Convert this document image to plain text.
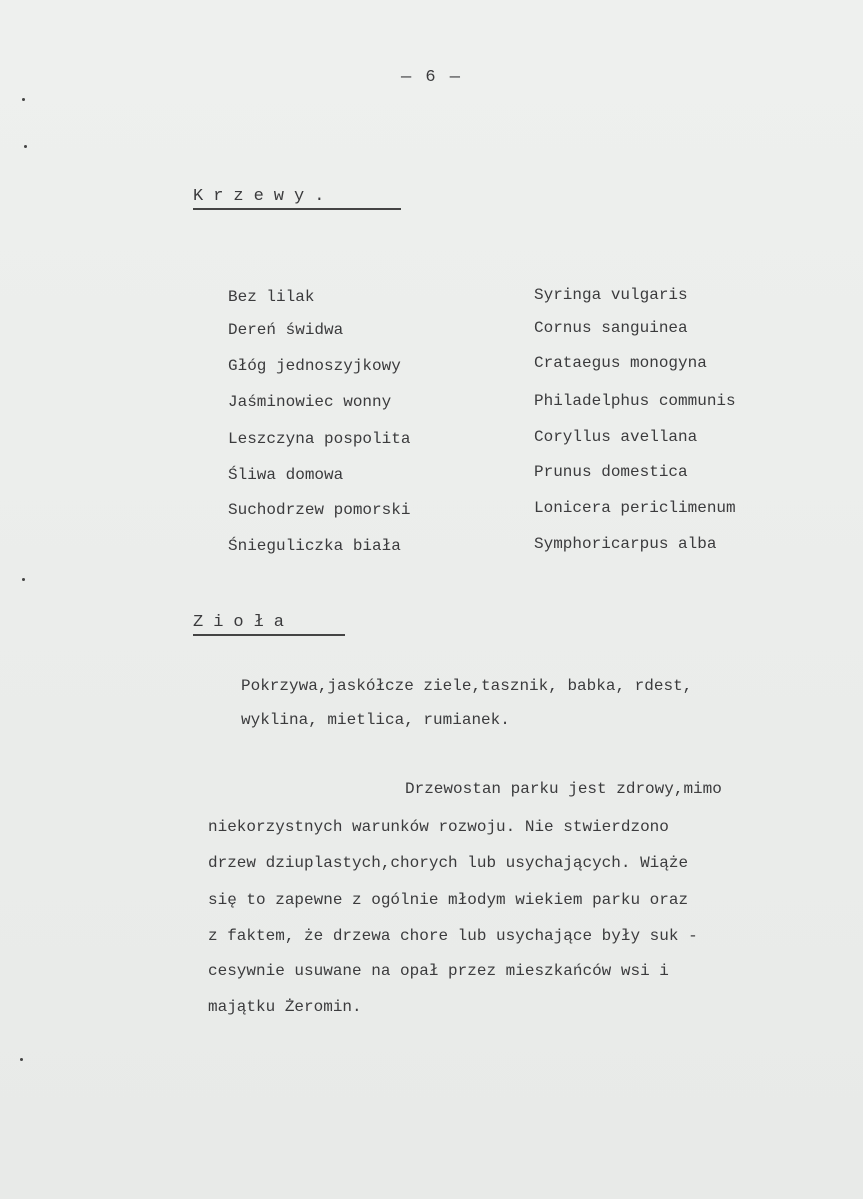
— 6 —
Krzewy.
Bez lilak	Syringa vulgaris
Dereń świdwa	Cornus sanguinea
Głóg jednoszyjkowy	Crataegus monogyna
Jaśminowiec wonny	Philadelphus communis
Leszczyna pospolita	Coryllus avellana
Śliwa domowa	Prunus domestica
Suchodrzew pomorski	Lonicera periclimenum
Śnieguliczka biała	Symphoricarpus alba
Zioła
Pokrzywa,jaskółcze ziele,tasznik, babka, rdest,
wyklina, mietlica, rumianek.
Drzewostan parku jest zdrowy,mimo
niekorzystnych warunków rozwoju. Nie stwierdzono
drzew dziuplastych,chorych lub usychających. Wiąże
się to zapewne z ogólnie młodym wiekiem parku oraz
z faktem, że drzewa chore lub usychające były suk -
cesywnie usuwane na opał przez mieszkańców wsi i
majątku Żeromin.
